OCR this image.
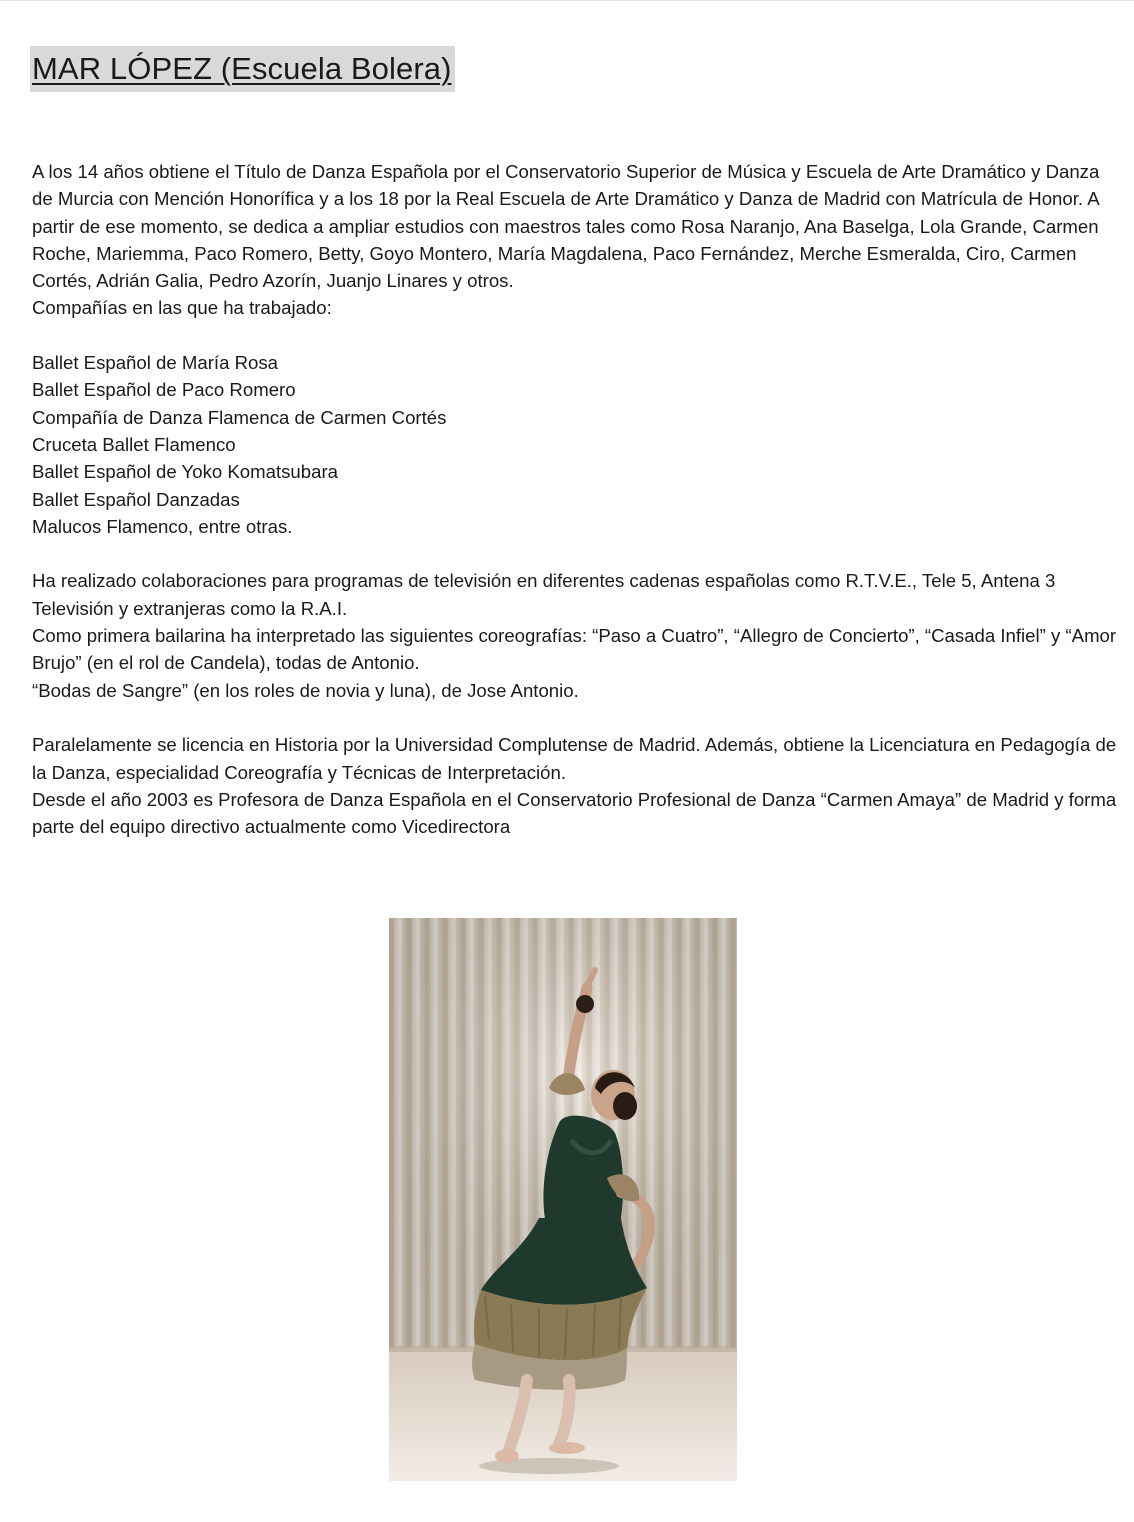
MAR LÓPEZ (Escuela Bolera)

A los 14 años obtiene el Título de Danza Española por el Conservatorio Superior de Música y Escuela de Arte Dramático y Danza de Murcia con Mención Honorífica y a los 18 por la Real Escuela de Arte Dramático y Danza de Madrid con Matrícula de Honor. A partir de ese momento, se dedica a ampliar estudios con maestros tales como Rosa Naranjo, Ana Baselga, Lola Grande, Carmen Roche, Mariemma, Paco Romero, Betty, Goyo Montero, María Magdalena, Paco Fernández, Merche Esmeralda, Ciro, Carmen Cortés, Adrián Galia, Pedro Azorín, Juanjo Linares y otros.

Compañías en las que ha trabajado:

Ballet Español de María Rosa

Ballet Español de Paco Romero

Compañía de Danza Flamenca de Carmen Cortés

Cruceta Ballet Flamenco

Ballet Español de Yoko Komatsubara

Ballet Español Danzadas

Malucos Flamenco, entre otras.

Ha realizado colaboraciones para programas de televisión en diferentes cadenas españolas como R.T.V.E., Tele 5, Antena 3 Televisión y extranjeras como la R.A.I.

Como primera bailarina ha interpretado las siguientes coreografías: “Paso a Cuatro”, “Allegro de Concierto”, “Casada Infiel” y “Amor Brujo” (en el rol de Candela), todas de Antonio.

“Bodas de Sangre” (en los roles de novia y luna), de Jose Antonio.

Paralelamente se licencia en Historia por la Universidad Complutense de Madrid. Además, obtiene la Licenciatura en Pedagogía de la Danza, especialidad Coreografía y Técnicas de Interpretación.

Desde el año 2003 es Profesora de Danza Española en el Conservatorio Profesional de Danza “Carmen Amaya” de Madrid y forma parte del equipo directivo actualmente como Vicedirectora
